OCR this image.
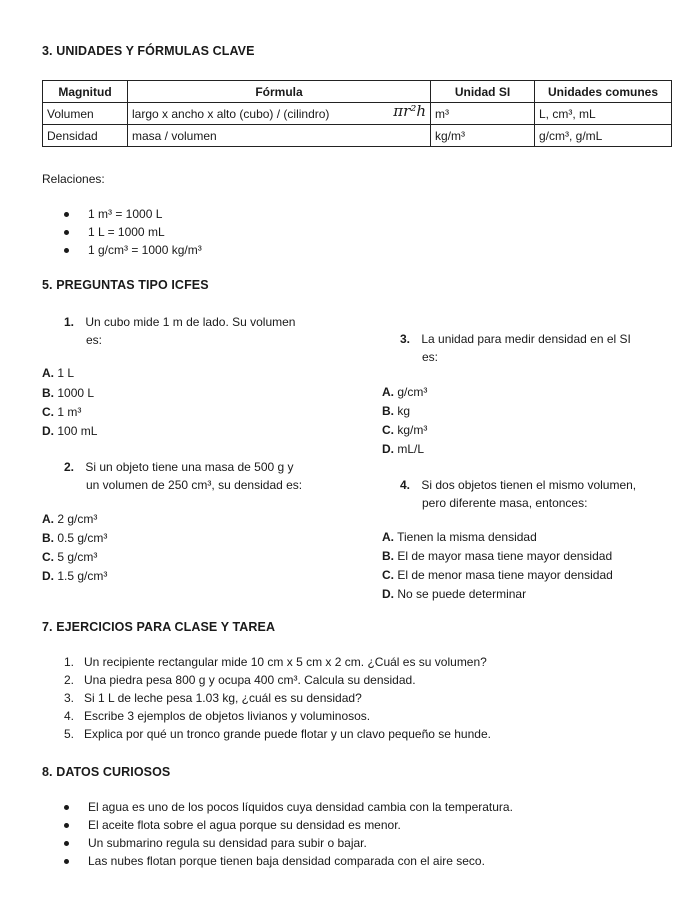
3. UNIDADES Y FÓRMULAS CLAVE
Magnitud	Fórmula	Unidad SI	Unidades comunes
Volumen	largo x ancho x alto (cubo) / (cilindro) πr²h	m³	L, cm³, mL
Densidad	masa / volumen	kg/m³	g/cm³, g/mL
Relaciones:
1 m³ = 1000 L
1 L = 1000 mL
1 g/cm³ = 1000 kg/m³
5. PREGUNTAS TIPO ICFES
1. Un cubo mide 1 m de lado. Su volumen
es:
A. 1 L
B. 1000 L
C. 1 m³
D. 100 mL
3. La unidad para medir densidad en el SI
es:
A. g/cm³
B. kg
C. kg/m³
D. mL/L
2. Si un objeto tiene una masa de 500 g y
un volumen de 250 cm³, su densidad es:
A. 2 g/cm³
B. 0.5 g/cm³
C. 5 g/cm³
D. 1.5 g/cm³
4. Si dos objetos tienen el mismo volumen,
pero diferente masa, entonces:
A. Tienen la misma densidad
B. El de mayor masa tiene mayor densidad
C. El de menor masa tiene mayor densidad
D. No se puede determinar
7. EJERCICIOS PARA CLASE Y TAREA
1. Un recipiente rectangular mide 10 cm x 5 cm x 2 cm. ¿Cuál es su volumen?
2. Una piedra pesa 800 g y ocupa 400 cm³. Calcula su densidad.
3. Si 1 L de leche pesa 1.03 kg, ¿cuál es su densidad?
4. Escribe 3 ejemplos de objetos livianos y voluminosos.
5. Explica por qué un tronco grande puede flotar y un clavo pequeño se hunde.
8. DATOS CURIOSOS
El agua es uno de los pocos líquidos cuya densidad cambia con la temperatura.
El aceite flota sobre el agua porque su densidad es menor.
Un submarino regula su densidad para subir o bajar.
Las nubes flotan porque tienen baja densidad comparada con el aire seco.
